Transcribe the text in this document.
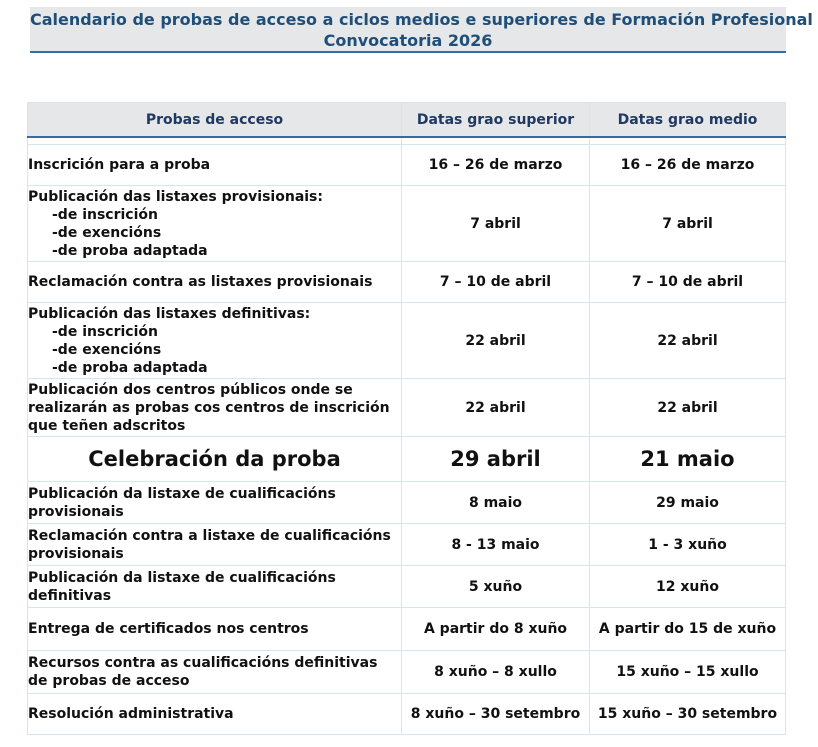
Calendario de probas de acceso a ciclos medios e superiores de Formación Profesional
Convocatoria 2026
Probas de acceso	Datas grao superior	Datas grao medio

Inscrición para a proba	16 – 26 de marzo	16 – 26 de marzo
Publicación das listaxes provisionais:
-de inscrición
-de exencións
-de proba adaptada	7 abril	7 abril
Reclamación contra as listaxes provisionais	7 – 10 de abril	7 – 10 de abril
Publicación das listaxes definitivas:
-de inscrición
-de exencións
-de proba adaptada	22 abril	22 abril
Publicación dos centros públicos onde se realizarán as probas cos centros de inscrición que teñen adscritos	22 abril	22 abril
Celebración da proba	29 abril	21 maio
Publicación da listaxe de cualificacións provisionais	8 maio	29 maio
Reclamación contra a listaxe de cualificacións provisionais	8 - 13 maio	1 - 3 xuño
Publicación da listaxe de cualificacións definitivas	5 xuño	12 xuño
Entrega de certificados nos centros	A partir do 8 xuño	A partir do 15 de xuño
Recursos contra as cualificacións definitivas de probas de acceso	8 xuño – 8 xullo	15 xuño – 15 xullo
Resolución administrativa	8 xuño – 30 setembro	15 xuño – 30 setembro
